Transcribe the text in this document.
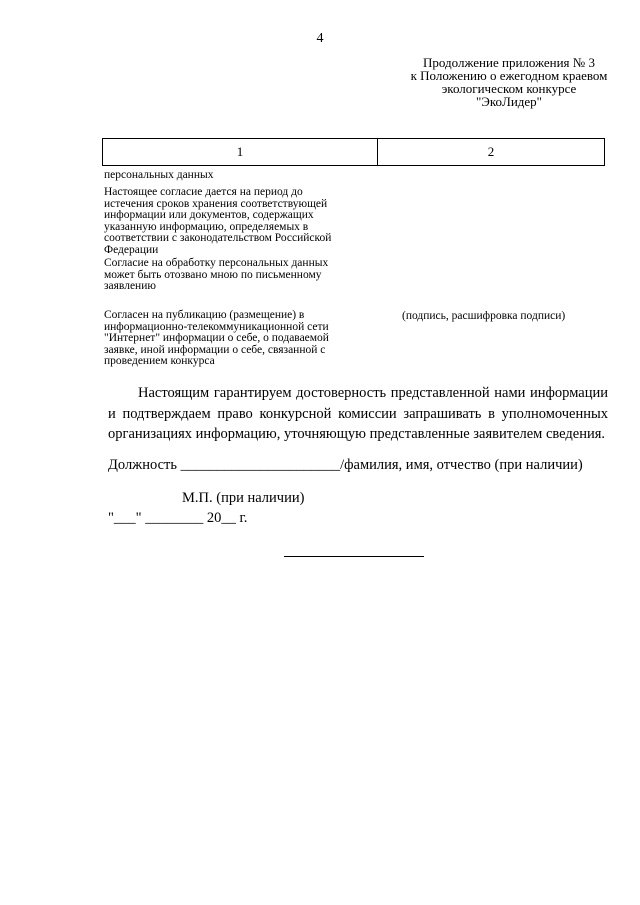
4
Продолжение приложения № 3
к Положению о ежегодном краевом
экологическом конкурсе
"ЭкоЛидер"
1	2
персональных данных
Настоящее согласие дается на период до
истечения сроков хранения соответствующей
информации или документов, содержащих
указанную информацию, определяемых в
соответствии с законодательством Российской
Федерации
Согласие на обработку персональных данных
может быть отозвано мною по письменному
заявлению
Согласен на публикацию (размещение) в
информационно-телекоммуникационной сети
"Интернет" информации о себе, о подаваемой
заявке, иной информации о себе, связанной с
проведением конкурса
(подпись, расшифровка подписи)
Настоящим гарантируем достоверность представленной нами информации и подтверждаем право конкурсной комиссии запрашивать в уполномоченных организациях информацию, уточняющую представленные заявителем сведения.
Должность ______________________/фамилия, имя, отчество (при наличии)
М.П. (при наличии)
"___" ________ 20__ г.
